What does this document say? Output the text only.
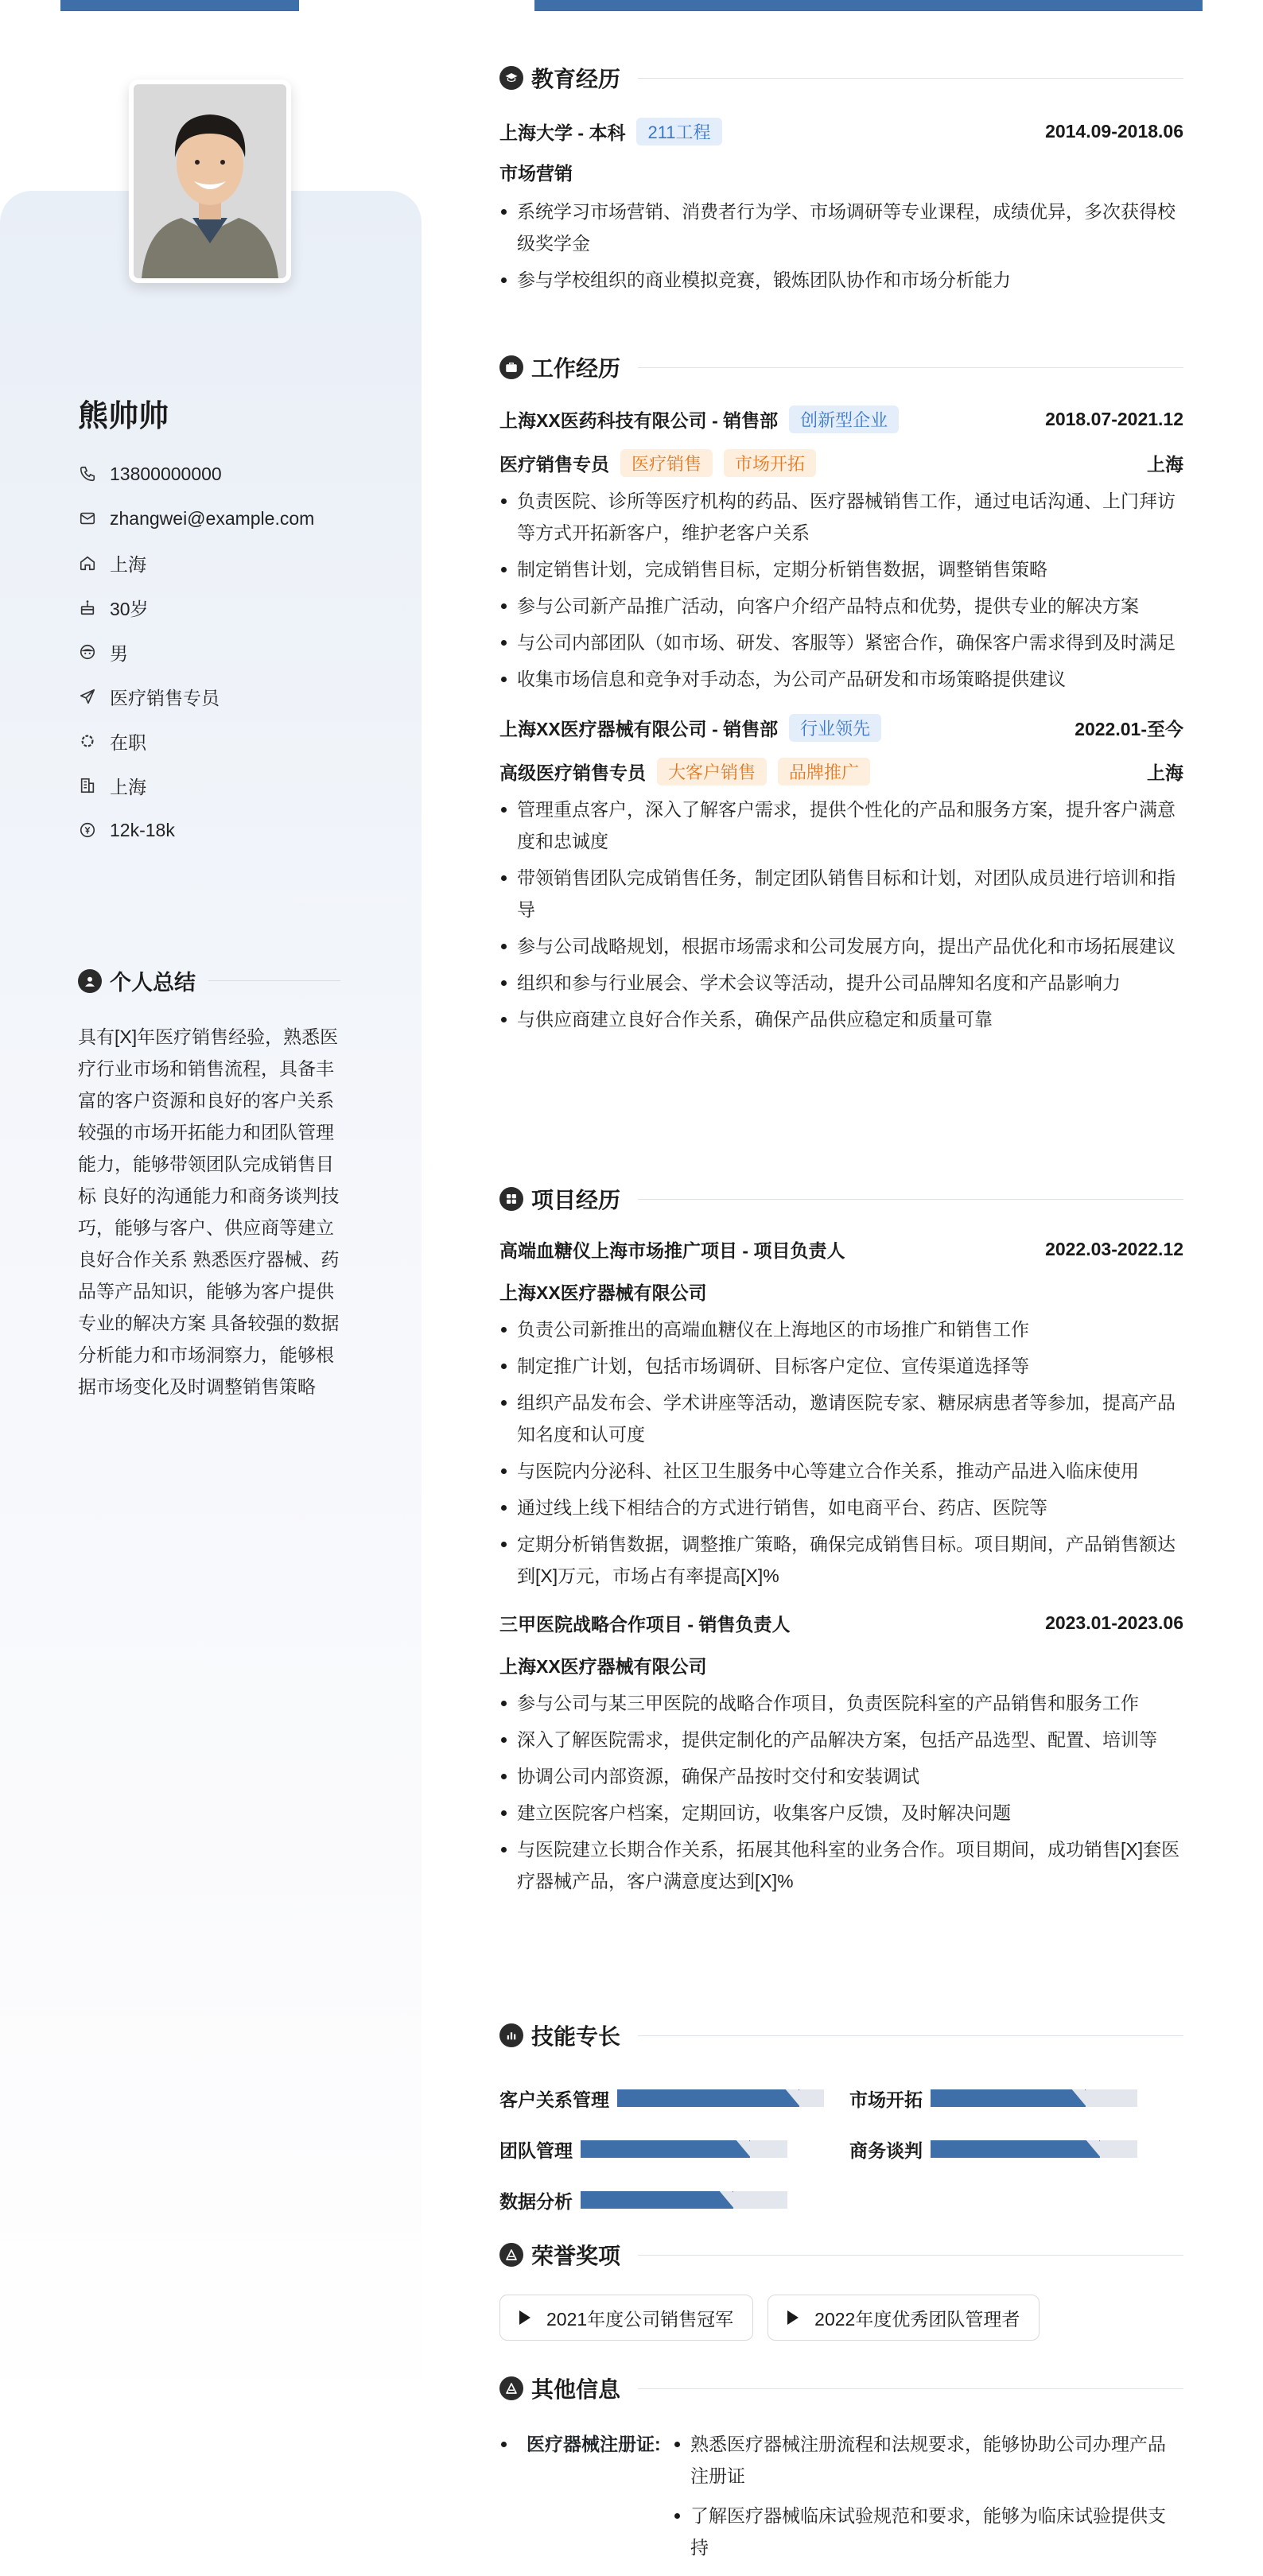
熊帅帅
13800000000
zhangwei@example.com
上海
30岁
男
医疗销售专员
在职
上海
12k-18k
个人总结
具有[X]年医疗销售经验，熟悉医疗行业市场和销售流程，具备丰富的客户资源和良好的客户关系 较强的市场开拓能力和团队管理能力，能够带领团队完成销售目标 良好的沟通能力和商务谈判技巧，能够与客户、供应商等建立良好合作关系 熟悉医疗器械、药品等产品知识，能够为客户提供专业的解决方案 具备较强的数据分析能力和市场洞察力，能够根据市场变化及时调整销售策略
教育经历
上海大学 - 本科	211工程	2014.09-2018.06
市场营销
系统学习市场营销、消费者行为学、市场调研等专业课程，成绩优异，多次获得校级奖学金
参与学校组织的商业模拟竞赛，锻炼团队协作和市场分析能力
工作经历
上海XX医药科技有限公司 - 销售部	创新型企业	2018.07-2021.12
医疗销售专员	医疗销售	市场开拓	上海
负责医院、诊所等医疗机构的药品、医疗器械销售工作，通过电话沟通、上门拜访等方式开拓新客户，维护老客户关系
制定销售计划，完成销售目标，定期分析销售数据，调整销售策略
参与公司新产品推广活动，向客户介绍产品特点和优势，提供专业的解决方案
与公司内部团队（如市场、研发、客服等）紧密合作，确保客户需求得到及时满足
收集市场信息和竞争对手动态，为公司产品研发和市场策略提供建议
上海XX医疗器械有限公司 - 销售部	行业领先	2022.01-至今
高级医疗销售专员	大客户销售	品牌推广	上海
管理重点客户，深入了解客户需求，提供个性化的产品和服务方案，提升客户满意度和忠诚度
带领销售团队完成销售任务，制定团队销售目标和计划，对团队成员进行培训和指导
参与公司战略规划，根据市场需求和公司发展方向，提出产品优化和市场拓展建议
组织和参与行业展会、学术会议等活动，提升公司品牌知名度和产品影响力
与供应商建立良好合作关系，确保产品供应稳定和质量可靠
项目经历
高端血糖仪上海市场推广项目 - 项目负责人	2022.03-2022.12
上海XX医疗器械有限公司
负责公司新推出的高端血糖仪在上海地区的市场推广和销售工作
制定推广计划，包括市场调研、目标客户定位、宣传渠道选择等
组织产品发布会、学术讲座等活动，邀请医院专家、糖尿病患者等参加，提高产品知名度和认可度
与医院内分泌科、社区卫生服务中心等建立合作关系，推动产品进入临床使用
通过线上线下相结合的方式进行销售，如电商平台、药店、医院等
定期分析销售数据，调整推广策略，确保完成销售目标。项目期间，产品销售额达到[X]万元，市场占有率提高[X]%
三甲医院战略合作项目 - 销售负责人	2023.01-2023.06
上海XX医疗器械有限公司
参与公司与某三甲医院的战略合作项目，负责医院科室的产品销售和服务工作
深入了解医院需求，提供定制化的产品解决方案，包括产品选型、配置、培训等
协调公司内部资源，确保产品按时交付和安装调试
建立医院客户档案，定期回访，收集客户反馈，及时解决问题
与医院建立长期合作关系，拓展其他科室的业务合作。项目期间，成功销售[X]套医疗器械产品，客户满意度达到[X]%
技能专长
客户关系管理	市场开拓
团队管理	商务谈判
数据分析
荣誉奖项
2021年度公司销售冠军	2022年度优秀团队管理者
其他信息
医疗器械注册证:	熟悉医疗器械注册流程和法规要求，能够协助公司办理产品注册证
了解医疗器械临床试验规范和要求，能够为临床试验提供支持
